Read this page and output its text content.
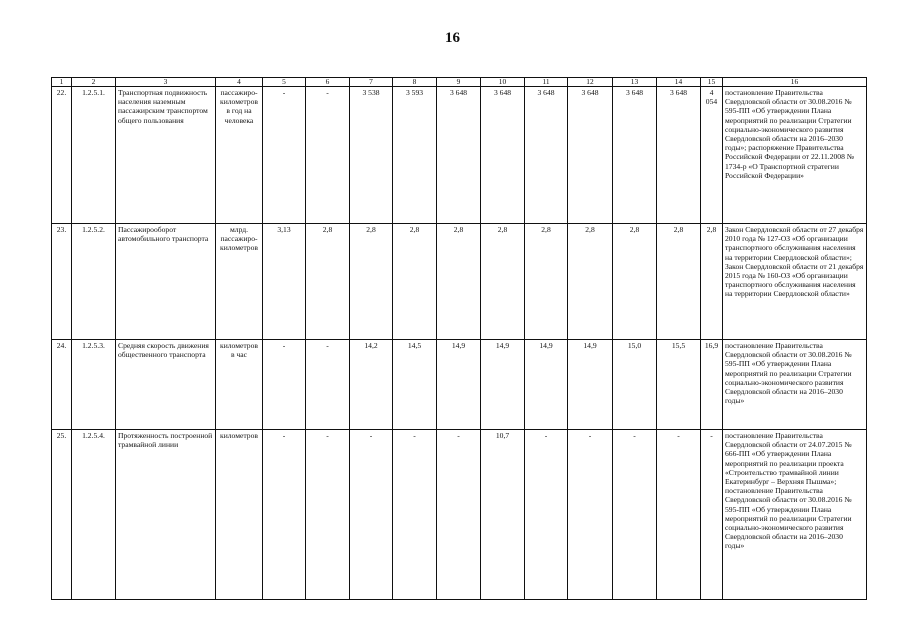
16
1	2	3	4	5	6	7	8	9	10	11	12	13	14	15	16
22.	1.2.5.1.	Транспортная подвижность населения наземным пассажирским транспортом общего пользования	пассажиро-километров в год на человека	-	-	3 538	3 593	3 648	3 648	3 648	3 648	3 648	3 648	4 054	постановление Правительства Свердловской области от 30.08.2016 № 595-ПП «Об утверждении Плана мероприятий по реализации Стратегии социально-экономического развития Свердловской области на 2016–2030 годы»; распоряжение Правительства Российской Федерации от 22.11.2008 № 1734-р «О Транспортной стратегии Российской Федерации»
23.	1.2.5.2.	Пассажирооборот автомобильного транспорта	млрд. пассажиро-километров	3,13	2,8	2,8	2,8	2,8	2,8	2,8	2,8	2,8	2,8	2,8	Закон Свердловской области от 27 декабря 2010 года № 127-ОЗ «Об организации транспортного обслуживания населения на территории Свердловской области»; Закон Свердловской области от 21 декабря 2015 года № 160-ОЗ «Об организации транспортного обслуживания населения на территории Свердловской области»
24.	1.2.5.3.	Средняя скорость движения общественного транспорта	километров в час	-	-	14,2	14,5	14,9	14,9	14,9	14,9	15,0	15,5	16,9	постановление Правительства Свердловской области от 30.08.2016 № 595-ПП «Об утверждении Плана мероприятий по реализации Стратегии социально-экономического развития Свердловской области на 2016–2030 годы»
25.	1.2.5.4.	Протяженность построенной трамвайной линии	километров	-	-	-	-	-	10,7	-	-	-	-	-	постановление Правительства Свердловской области от 24.07.2015 № 666-ПП «Об утверждении Плана мероприятий по реализации проекта «Строительство трамвайной линии Екатеринбург – Верхняя Пышма»; постановление Правительства Свердловской области от 30.08.2016 № 595-ПП «Об утверждении Плана мероприятий по реализации Стратегии социально-экономического развития Свердловской области на 2016–2030 годы»
